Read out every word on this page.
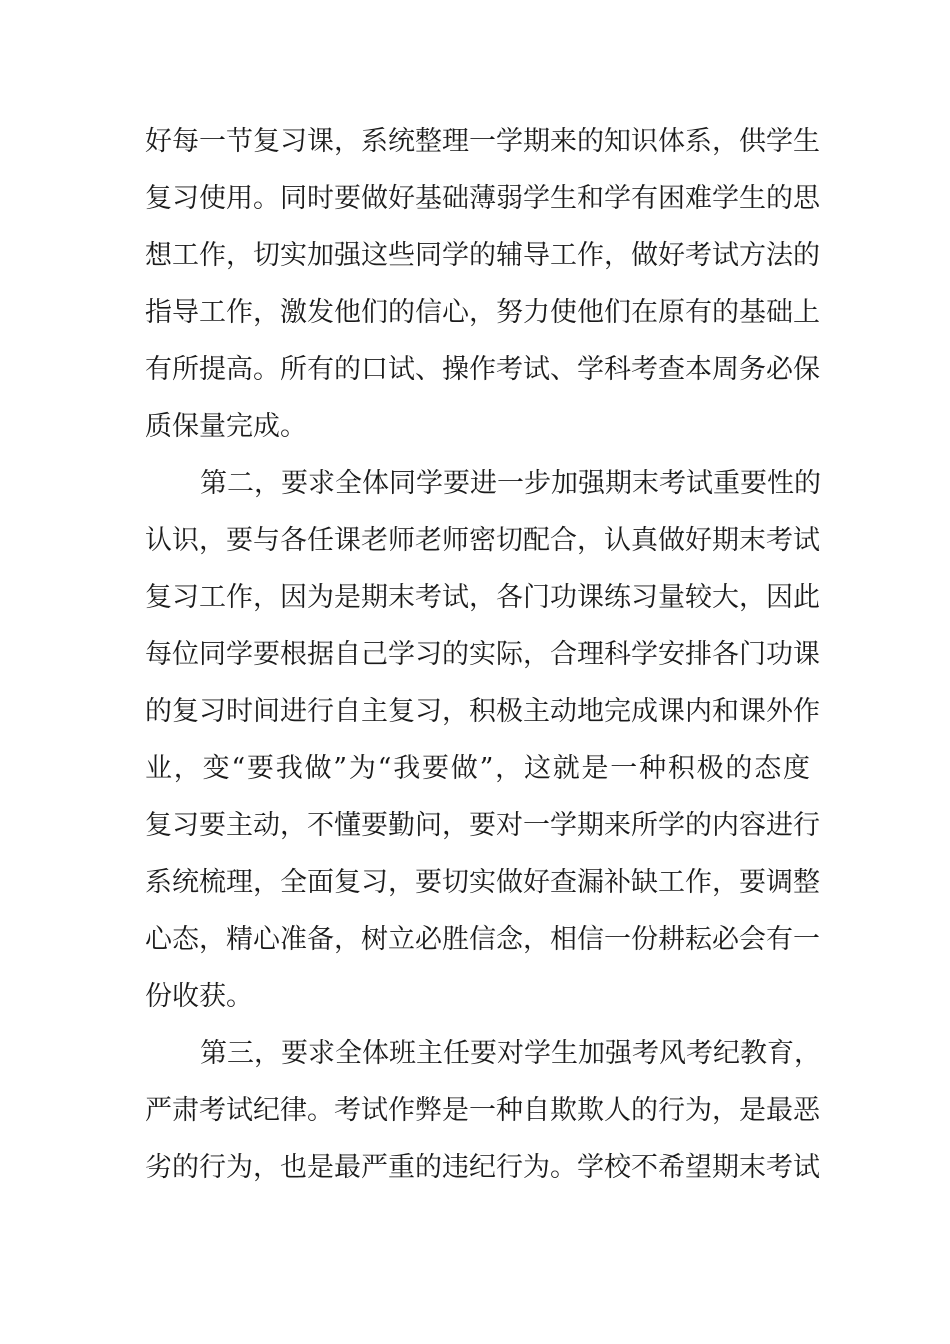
好每一节复习课，系统整理一学期来的知识体系，供学生
复习使用。同时要做好基础薄弱学生和学有困难学生的思
想工作，切实加强这些同学的辅导工作，做好考试方法的
指导工作，激发他们的信心，努力使他们在原有的基础上
有所提高。所有的口试、操作考试、学科考查本周务必保
质保量完成。
第二，要求全体同学要进一步加强期末考试重要性的
认识，要与各任课老师老师密切配合，认真做好期末考试
复习工作，因为是期末考试，各门功课练习量较大，因此
每位同学要根据自己学习的实际，合理科学安排各门功课
的复习时间进行自主复习，积极主动地完成课内和课外作
业，变“要我做”为“我要做”，这就是一种积极的态度
复习要主动，不懂要勤问，要对一学期来所学的内容进行
系统梳理，全面复习，要切实做好查漏补缺工作，要调整
心态，精心准备，树立必胜信念，相信一份耕耘必会有一
份收获。
第三，要求全体班主任要对学生加强考风考纪教育，
严肃考试纪律。考试作弊是一种自欺欺人的行为，是最恶
劣的行为，也是最严重的违纪行为。学校不希望期末考试
